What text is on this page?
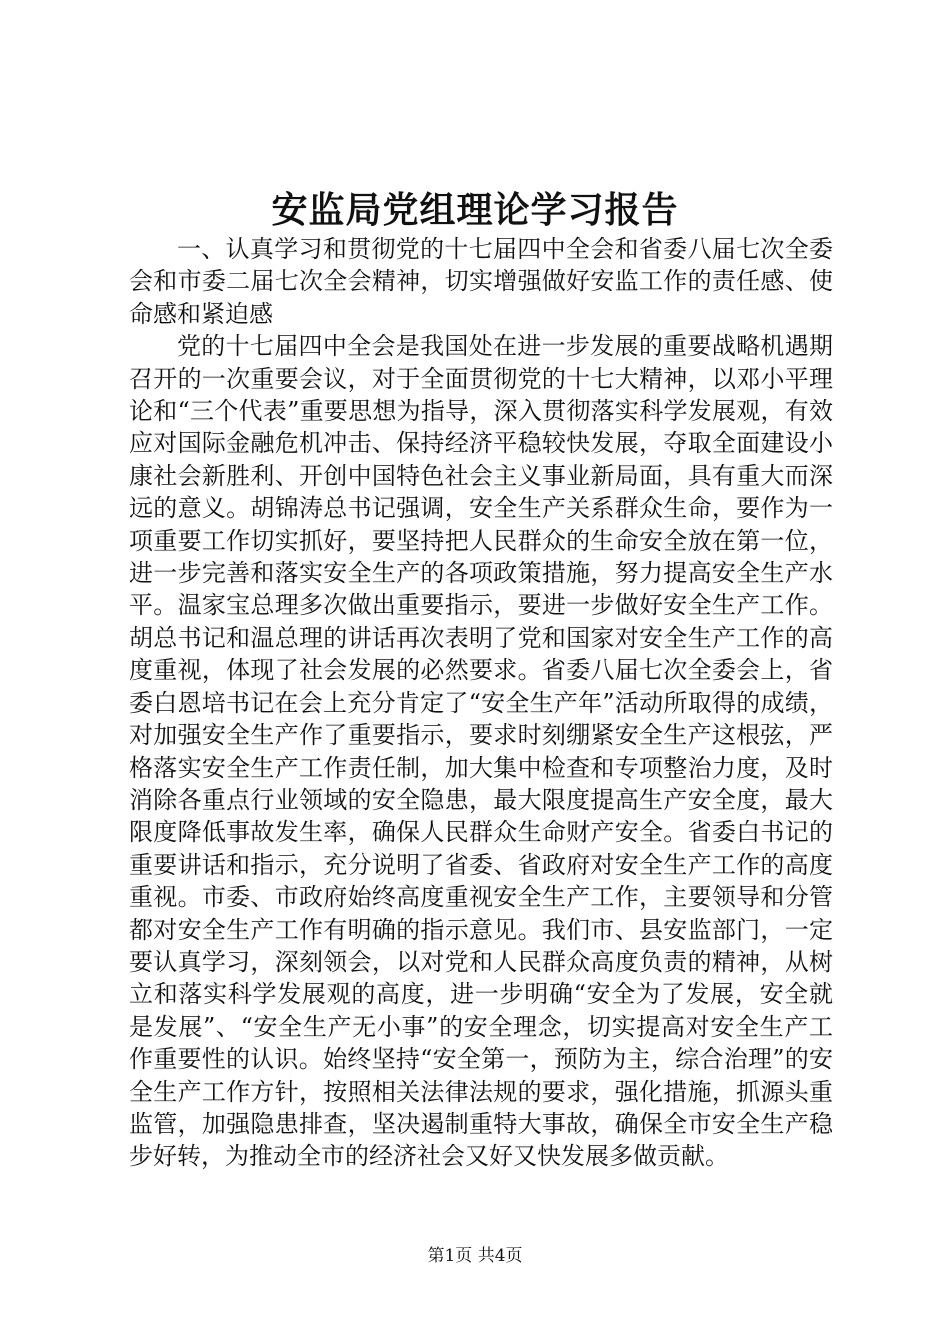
安监局党组理论学习报告

一、认真学习和贯彻党的十七届四中全会和省委八届七次全委会和市委二届七次全会精神，切实增强做好安监工作的责任感、使命感和紧迫感

党的十七届四中全会是我国处在进一步发展的重要战略机遇期召开的一次重要会议，对于全面贯彻党的十七大精神，以邓小平理论和“三个代表”重要思想为指导，深入贯彻落实科学发展观，有效应对国际金融危机冲击、保持经济平稳较快发展，夺取全面建设小康社会新胜利、开创中国特色社会主义事业新局面，具有重大而深远的意义。胡锦涛总书记强调，安全生产关系群众生命，要作为一项重要工作切实抓好，要坚持把人民群众的生命安全放在第一位，进一步完善和落实安全生产的各项政策措施，努力提高安全生产水平。温家宝总理多次做出重要指示，要进一步做好安全生产工作。胡总书记和温总理的讲话再次表明了党和国家对安全生产工作的高度重视，体现了社会发展的必然要求。省委八届七次全委会上，省委白恩培书记在会上充分肯定了“安全生产年”活动所取得的成绩，对加强安全生产作了重要指示，要求时刻绷紧安全生产这根弦，严格落实安全生产工作责任制，加大集中检查和专项整治力度，及时消除各重点行业领域的安全隐患，最大限度提高生产安全度，最大限度降低事故发生率，确保人民群众生命财产安全。省委白书记的重要讲话和指示，充分说明了省委、省政府对安全生产工作的高度重视。市委、市政府始终高度重视安全生产工作，主要领导和分管都对安全生产工作有明确的指示意见。我们市、县安监部门，一定要认真学习，深刻领会，以对党和人民群众高度负责的精神，从树立和落实科学发展观的高度，进一步明确“安全为了发展，安全就是发展”、“安全生产无小事”的安全理念，切实提高对安全生产工作重要性的认识。始终坚持“安全第一，预防为主，综合治理”的安全生产工作方针，按照相关法律法规的要求，强化措施，抓源头重监管，加强隐患排查，坚决遏制重特大事故，确保全市安全生产稳步好转，为推动全市的经济社会又好又快发展多做贡献。

第1页 共4页
